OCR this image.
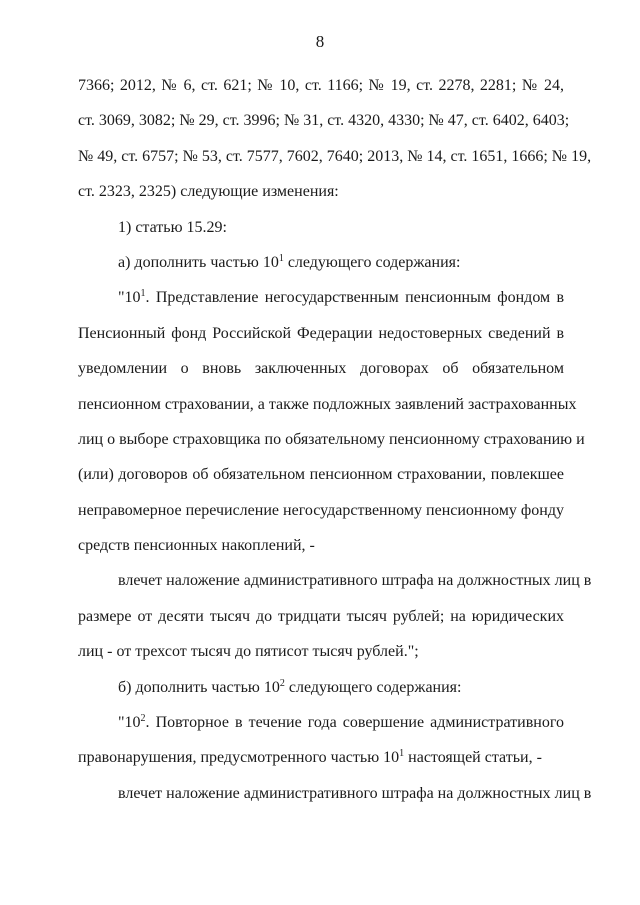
8
7366; 2012, № 6, ст. 621; № 10, ст. 1166; № 19, ст. 2278, 2281; № 24,
ст. 3069, 3082; № 29, ст. 3996; № 31, ст. 4320, 4330; № 47, ст. 6402, 6403;
№ 49, ст. 6757; № 53, ст. 7577, 7602, 7640; 2013, № 14, ст. 1651, 1666; № 19,
ст. 2323, 2325) следующие изменения:
1) статью 15.29:
а) дополнить частью $10^1$ следующего содержания:
"$10^1$. Представление негосударственным пенсионным фондом в
Пенсионный фонд Российской Федерации недостоверных сведений в
уведомлении о вновь заключенных договорах об обязательном
пенсионном страховании, а также подложных заявлений застрахованных
лиц о выборе страховщика по обязательному пенсионному страхованию и
(или) договоров об обязательном пенсионном страховании, повлекшее
неправомерное перечисление негосударственному пенсионному фонду
средств пенсионных накоплений, -
влечет наложение административного штрафа на должностных лиц в
размере от десяти тысяч до тридцати тысяч рублей; на юридических
лиц - от трехсот тысяч до пятисот тысяч рублей.";
б) дополнить частью $10^2$ следующего содержания:
"$10^2$. Повторное в течение года совершение административного
правонарушения, предусмотренного частью $10^1$ настоящей статьи, -
влечет наложение административного штрафа на должностных лиц в
